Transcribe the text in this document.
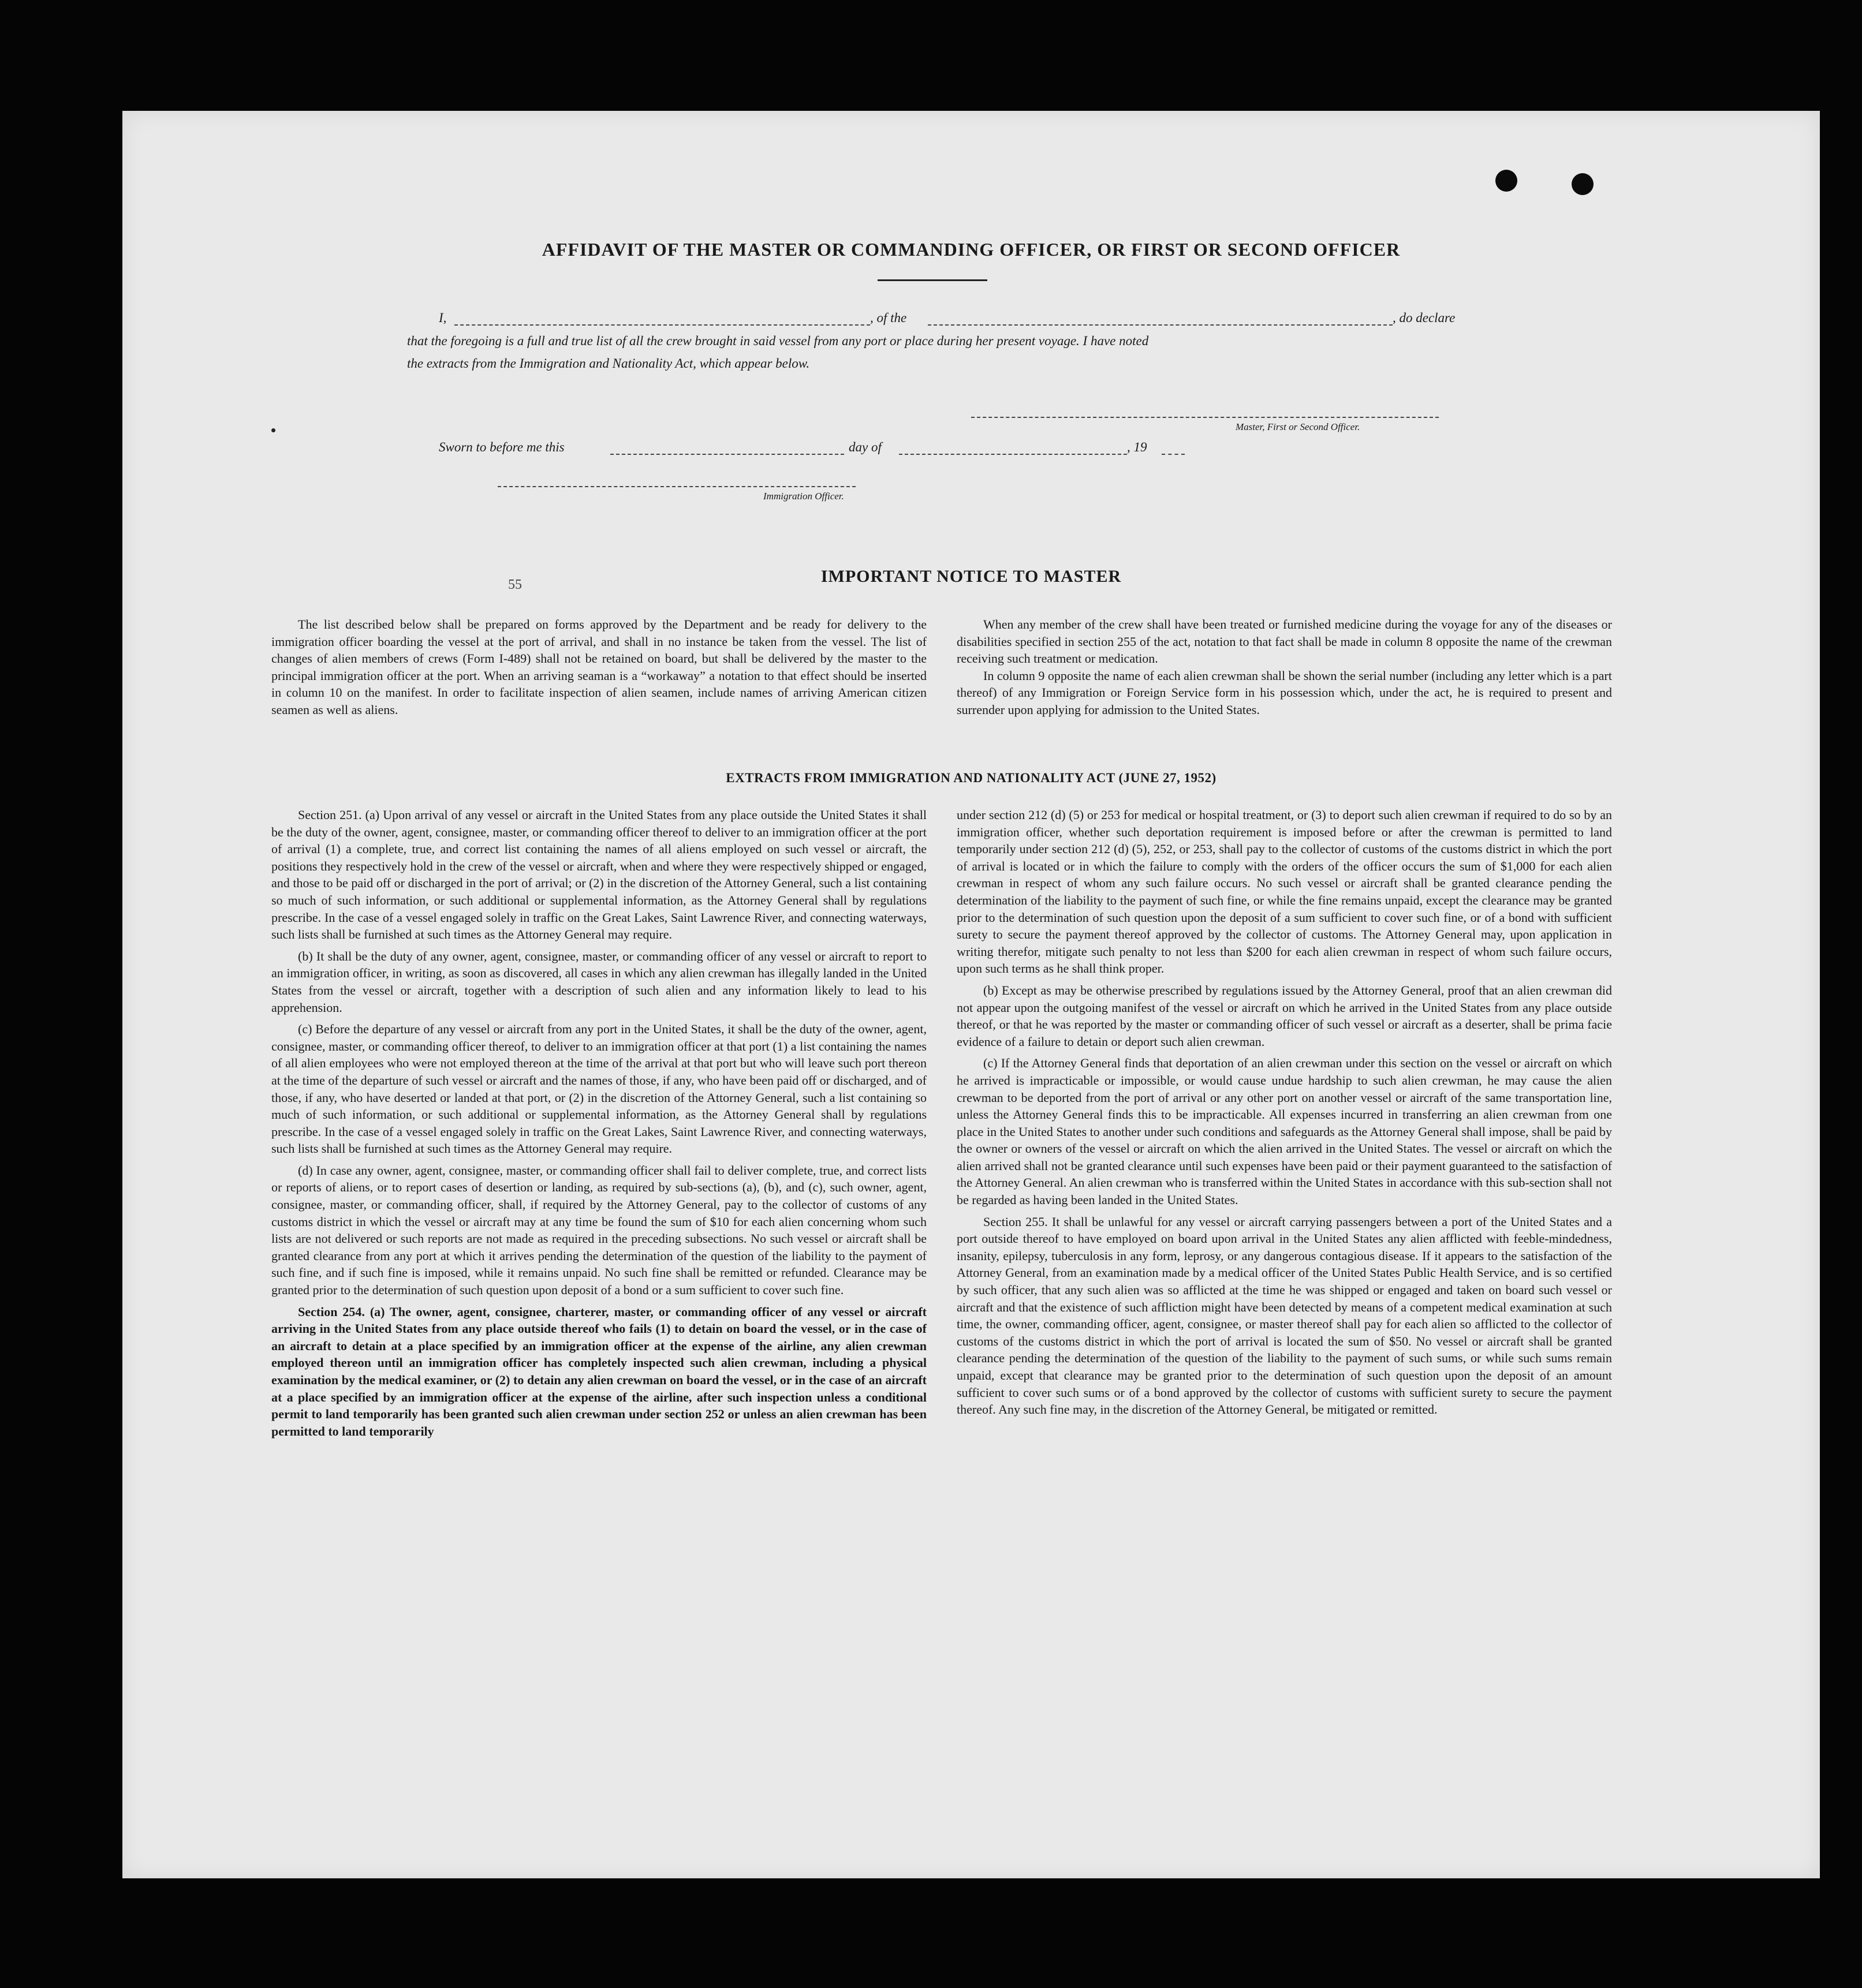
AFFIDAVIT OF THE MASTER OR COMMANDING OFFICER, OR FIRST OR SECOND OFFICER
I,	, of the	, do declare
that the foregoing is a full and true list of all the crew brought in said vessel from any port or place during her present voyage. I have noted
the extracts from the Immigration and Nationality Act, which appear below.
Master, First or Second Officer.
Sworn to before me this	day of	, 19
Immigration Officer.
55	IMPORTANT NOTICE TO MASTER

The list described below shall be prepared on forms approved by the Department and be ready for delivery to the immigration officer boarding the vessel at the port of arrival, and shall in no instance be taken from the vessel. The list of changes of alien members of crews (Form I-489) shall not be retained on board, but shall be delivered by the master to the principal immigration officer at the port. When an arriving seaman is a “workaway” a notation to that effect should be inserted in column 10 on the manifest. In order to facilitate inspection of alien seamen, include names of arriving American citizen seamen as well as aliens.

When any member of the crew shall have been treated or furnished medicine during the voyage for any of the diseases or disabilities specified in section 255 of the act, notation to that fact shall be made in column 8 opposite the name of the crewman receiving such treatment or medication.

In column 9 opposite the name of each alien crewman shall be shown the serial number (including any letter which is a part thereof) of any Immigration or Foreign Service form in his possession which, under the act, he is required to present and surrender upon applying for admission to the United States.

EXTRACTS FROM IMMIGRATION AND NATIONALITY ACT (JUNE 27, 1952)

Section 251. (a) Upon arrival of any vessel or aircraft in the United States from any place outside the United States it shall be the duty of the owner, agent, consignee, master, or commanding officer thereof to deliver to an immigration officer at the port of arrival (1) a complete, true, and correct list containing the names of all aliens employed on such vessel or aircraft, the positions they respectively hold in the crew of the vessel or aircraft, when and where they were respectively shipped or engaged, and those to be paid off or discharged in the port of arrival; or (2) in the discretion of the Attorney General, such a list containing so much of such information, or such additional or supplemental information, as the Attorney General shall by regulations prescribe. In the case of a vessel engaged solely in traffic on the Great Lakes, Saint Lawrence River, and connecting waterways, such lists shall be furnished at such times as the Attorney General may require.

(b) It shall be the duty of any owner, agent, consignee, master, or commanding officer of any vessel or aircraft to report to an immigration officer, in writing, as soon as discovered, all cases in which any alien crewman has illegally landed in the United States from the vessel or aircraft, together with a description of such alien and any information likely to lead to his apprehension.

(c) Before the departure of any vessel or aircraft from any port in the United States, it shall be the duty of the owner, agent, consignee, master, or commanding officer thereof, to deliver to an immigration officer at that port (1) a list containing the names of all alien employees who were not employed thereon at the time of the arrival at that port but who will leave such port thereon at the time of the departure of such vessel or aircraft and the names of those, if any, who have been paid off or discharged, and of those, if any, who have deserted or landed at that port, or (2) in the discretion of the Attorney General, such a list containing so much of such information, or such additional or supplemental information, as the Attorney General shall by regulations prescribe. In the case of a vessel engaged solely in traffic on the Great Lakes, Saint Lawrence River, and connecting waterways, such lists shall be furnished at such times as the Attorney General may require.

(d) In case any owner, agent, consignee, master, or commanding officer shall fail to deliver complete, true, and correct lists or reports of aliens, or to report cases of desertion or landing, as required by sub-sections (a), (b), and (c), such owner, agent, consignee, master, or commanding officer, shall, if required by the Attorney General, pay to the collector of customs of any customs district in which the vessel or aircraft may at any time be found the sum of $10 for each alien concerning whom such lists are not delivered or such reports are not made as required in the preceding subsections. No such vessel or aircraft shall be granted clearance from any port at which it arrives pending the determination of the question of the liability to the payment of such fine, and if such fine is imposed, while it remains unpaid. No such fine shall be remitted or refunded. Clearance may be granted prior to the determination of such question upon deposit of a bond or a sum sufficient to cover such fine.

Section 254. (a) The owner, agent, consignee, charterer, master, or commanding officer of any vessel or aircraft arriving in the United States from any place outside thereof who fails (1) to detain on board the vessel, or in the case of an aircraft to detain at a place specified by an immigration officer at the expense of the airline, any alien crewman employed thereon until an immigration officer has completely inspected such alien crewman, including a physical examination by the medical examiner, or (2) to detain any alien crewman on board the vessel, or in the case of an aircraft at a place specified by an immigration officer at the expense of the airline, after such inspection unless a conditional permit to land temporarily has been granted such alien crewman under section 252 or unless an alien crewman has been permitted to land temporarily

under section 212 (d) (5) or 253 for medical or hospital treatment, or (3) to deport such alien crewman if required to do so by an immigration officer, whether such deportation requirement is imposed before or after the crewman is permitted to land temporarily under section 212 (d) (5), 252, or 253, shall pay to the collector of customs of the customs district in which the port of arrival is located or in which the failure to comply with the orders of the officer occurs the sum of $1,000 for each alien crewman in respect of whom any such failure occurs. No such vessel or aircraft shall be granted clearance pending the determination of the liability to the payment of such fine, or while the fine remains unpaid, except the clearance may be granted prior to the determination of such question upon the deposit of a sum sufficient to cover such fine, or of a bond with sufficient surety to secure the payment thereof approved by the collector of customs. The Attorney General may, upon application in writing therefor, mitigate such penalty to not less than $200 for each alien crewman in respect of whom such failure occurs, upon such terms as he shall think proper.

(b) Except as may be otherwise prescribed by regulations issued by the Attorney General, proof that an alien crewman did not appear upon the outgoing manifest of the vessel or aircraft on which he arrived in the United States from any place outside thereof, or that he was reported by the master or commanding officer of such vessel or aircraft as a deserter, shall be prima facie evidence of a failure to detain or deport such alien crewman.

(c) If the Attorney General finds that deportation of an alien crewman under this section on the vessel or aircraft on which he arrived is impracticable or impossible, or would cause undue hardship to such alien crewman, he may cause the alien crewman to be deported from the port of arrival or any other port on another vessel or aircraft of the same transportation line, unless the Attorney General finds this to be impracticable. All expenses incurred in transferring an alien crewman from one place in the United States to another under such conditions and safeguards as the Attorney General shall impose, shall be paid by the owner or owners of the vessel or aircraft on which the alien arrived in the United States. The vessel or aircraft on which the alien arrived shall not be granted clearance until such expenses have been paid or their payment guaranteed to the satisfaction of the Attorney General. An alien crewman who is transferred within the United States in accordance with this sub-section shall not be regarded as having been landed in the United States.

Section 255. It shall be unlawful for any vessel or aircraft carrying passengers between a port of the United States and a port outside thereof to have employed on board upon arrival in the United States any alien afflicted with feeble-mindedness, insanity, epilepsy, tuberculosis in any form, leprosy, or any dangerous contagious disease. If it appears to the satisfaction of the Attorney General, from an examination made by a medical officer of the United States Public Health Service, and is so certified by such officer, that any such alien was so afflicted at the time he was shipped or engaged and taken on board such vessel or aircraft and that the existence of such affliction might have been detected by means of a competent medical examination at such time, the owner, commanding officer, agent, consignee, or master thereof shall pay for each alien so afflicted to the collector of customs of the customs district in which the port of arrival is located the sum of $50. No vessel or aircraft shall be granted clearance pending the determination of the question of the liability to the payment of such sums, or while such sums remain unpaid, except that clearance may be granted prior to the determination of such question upon the deposit of an amount sufficient to cover such sums or of a bond approved by the collector of customs with sufficient surety to secure the payment thereof. Any such fine may, in the discretion of the Attorney General, be mitigated or remitted.
